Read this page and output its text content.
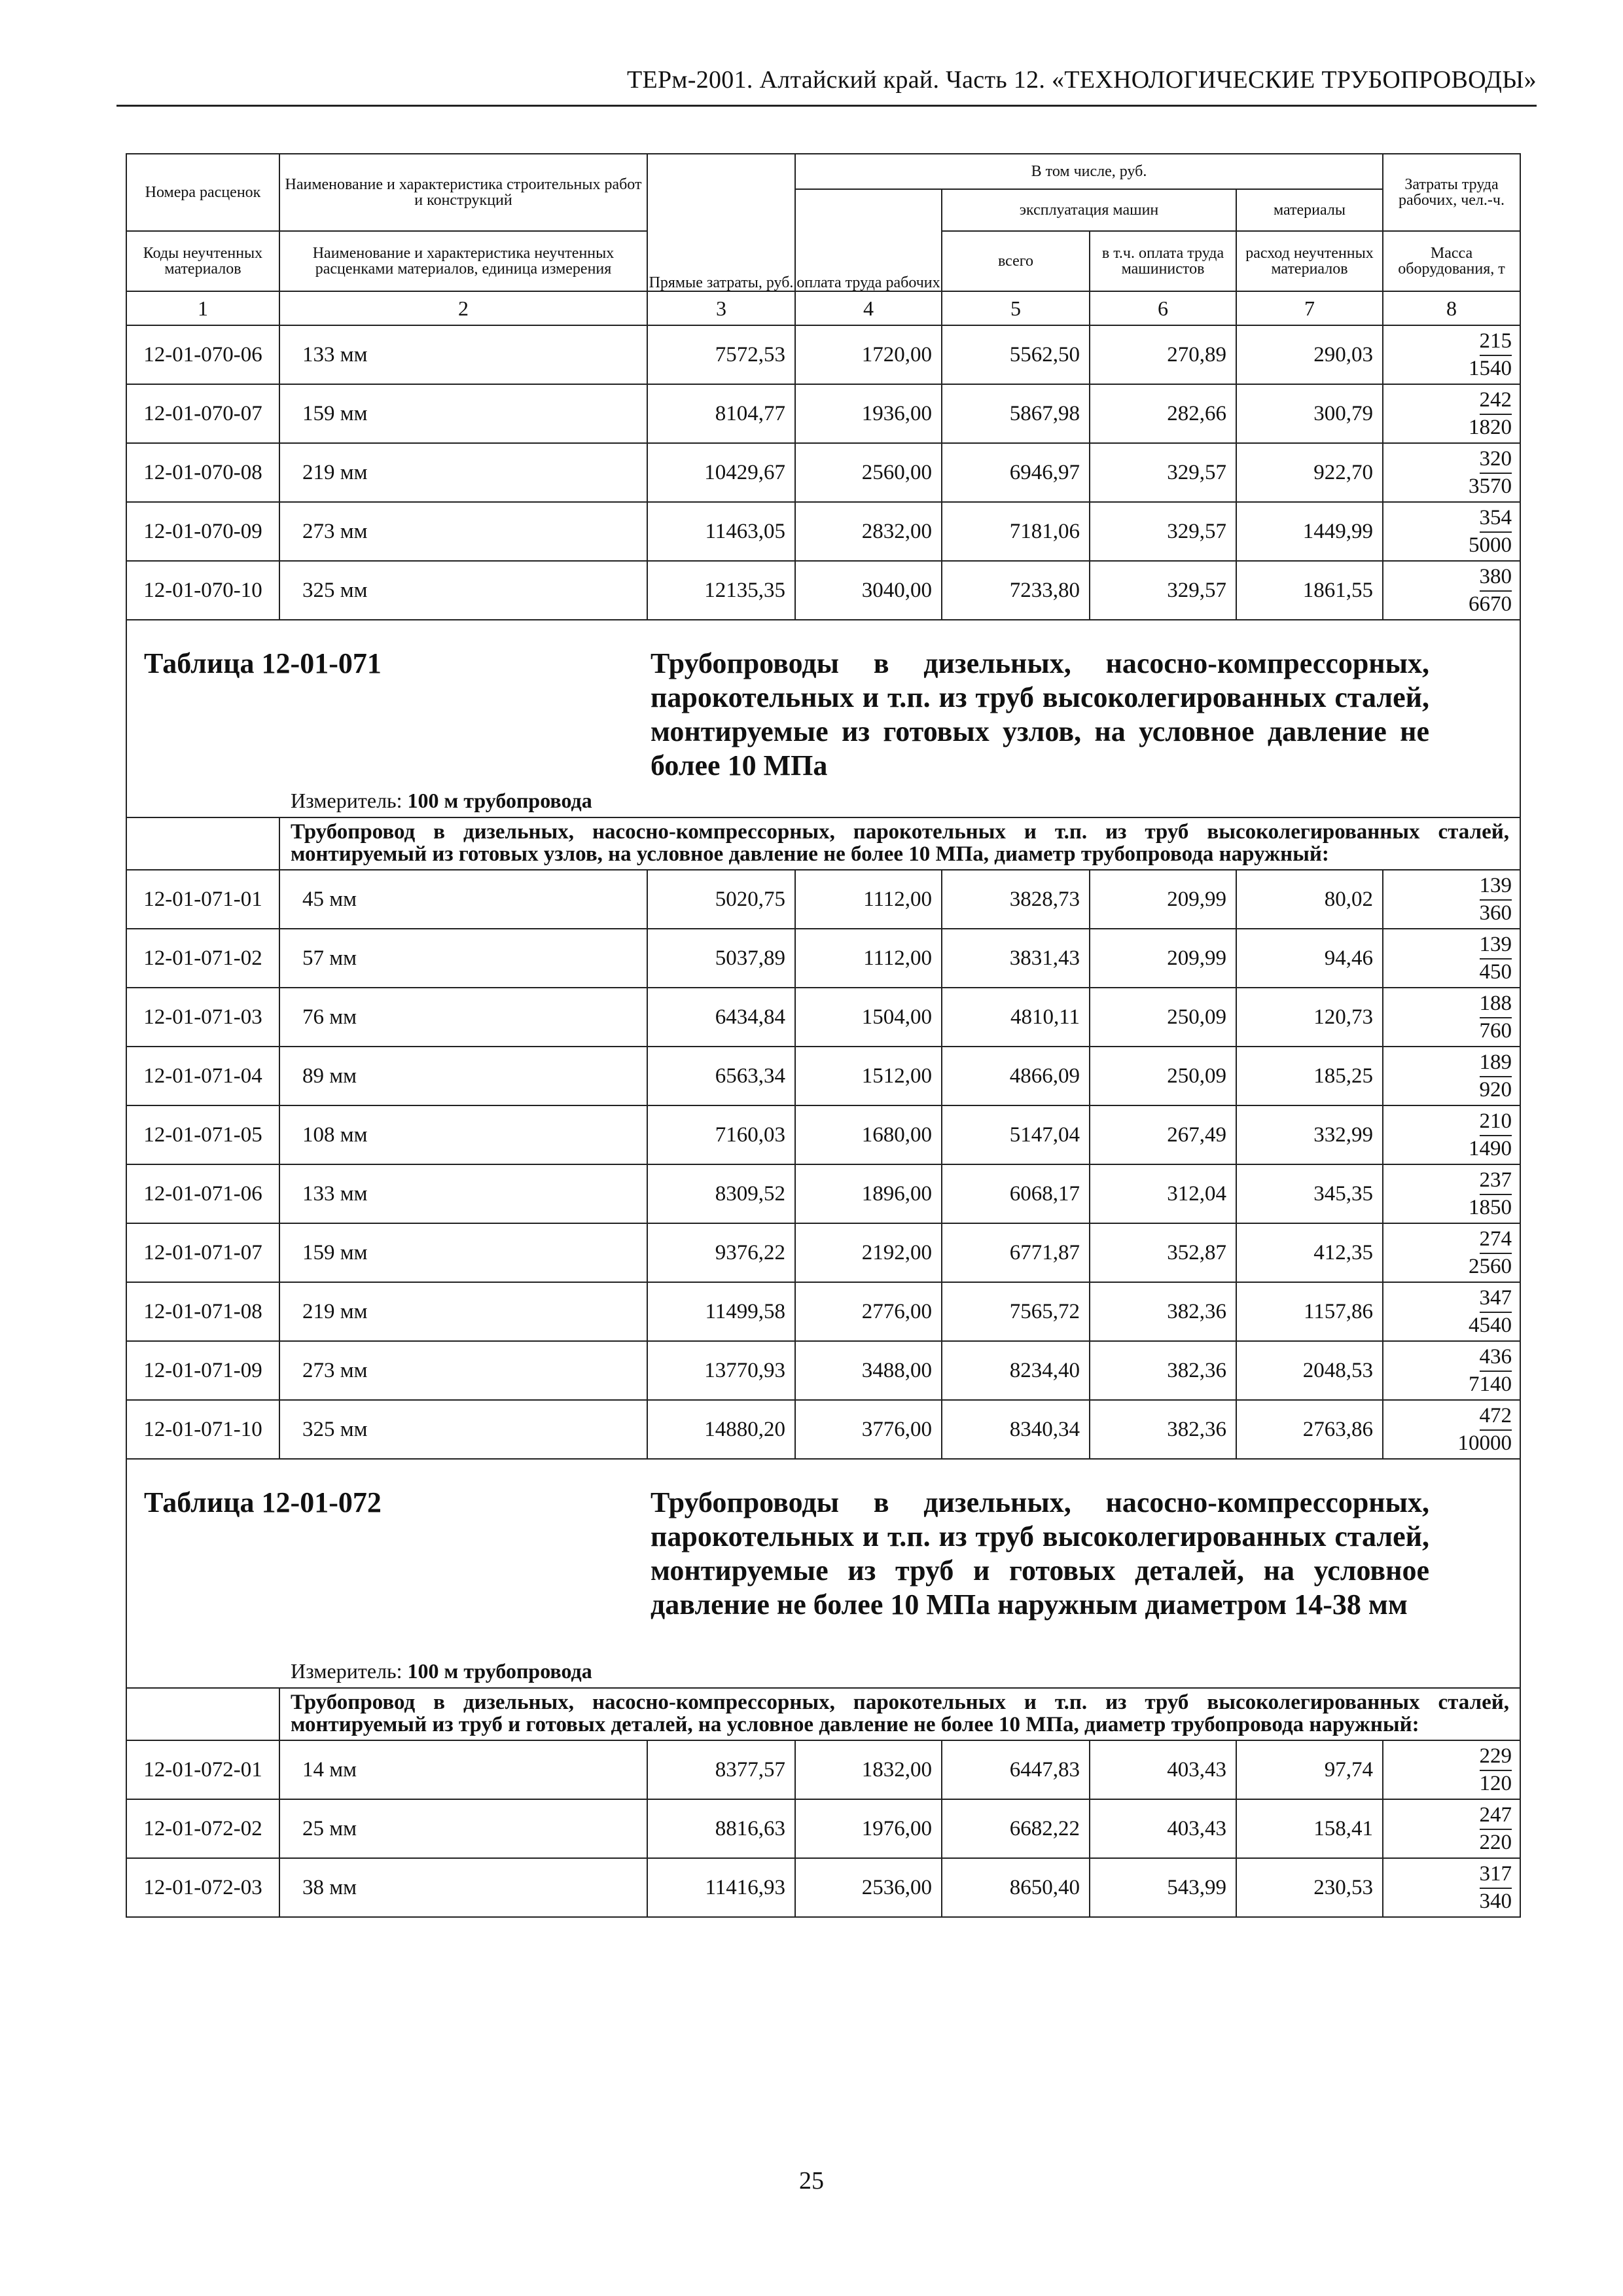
ТЕРм-2001. Алтайский край. Часть 12. «ТЕХНОЛОГИЧЕСКИЕ ТРУБОПРОВОДЫ»
Номера расценок	Наименование и характеристика строительных работ и конструкций	Прямые затраты, руб.	В том числе, руб.				Затраты труда рабочих, чел.-ч.
			оплата труда рабочих	эксплуатация машин		материалы	
Коды неучтенных материалов	Наименование и характеристика неучтенных расценками материалов, единица измерения			всего	в т.ч. оплата труда машинистов	расход неучтенных материалов	Масса оборудования, т
1	2	3	4	5	6	7	8
12-01-070-06	133 мм	7572,53	1720,00	5562,50	270,89	290,03	215
1540

12-01-070-07	159 мм	8104,77	1936,00	5867,98	282,66	300,79	242
1820

12-01-070-08	219 мм	10429,67	2560,00	6946,97	329,57	922,70	320
3570

12-01-070-09	273 мм	11463,05	2832,00	7181,06	329,57	1449,99	354
5000

12-01-070-10	325 мм	12135,35	3040,00	7233,80	329,57	1861,55	380
6670

Таблица 12-01-071 Трубопроводы в дизельных, насосно-компрессорных, парокотельных и т.п. из труб высоколегированных сталей, монтируемые из готовых узлов, на условное давление не более 10 МПа
Измеритель: 100 м трубопровода							

	Трубопровод в дизельных, насосно-компрессорных, парокотельных и т.п. из труб высоколегированных сталей, монтируемый из готовых узлов, на условное давление не более 10 МПа, диаметр трубопровода наружный:						

12-01-071-01	45 мм	5020,75	1112,00	3828,73	209,99	80,02	139
360

12-01-071-02	57 мм	5037,89	1112,00	3831,43	209,99	94,46	139
450

12-01-071-03	76 мм	6434,84	1504,00	4810,11	250,09	120,73	188
760

12-01-071-04	89 мм	6563,34	1512,00	4866,09	250,09	185,25	189
920

12-01-071-05	108 мм	7160,03	1680,00	5147,04	267,49	332,99	210
1490

12-01-071-06	133 мм	8309,52	1896,00	6068,17	312,04	345,35	237
1850

12-01-071-07	159 мм	9376,22	2192,00	6771,87	352,87	412,35	274
2560

12-01-071-08	219 мм	11499,58	2776,00	7565,72	382,36	1157,86	347
4540

12-01-071-09	273 мм	13770,93	3488,00	8234,40	382,36	2048,53	436
7140

12-01-071-10	325 мм	14880,20	3776,00	8340,34	382,36	2763,86	472
10000

Таблица 12-01-072 Трубопроводы в дизельных, насосно-компрессорных, парокотельных и т.п. из труб высоколегированных сталей, монтируемые из труб и готовых деталей, на условное давление не более 10 МПа наружным диаметром 14-38 мм
Измеритель: 100 м трубопровода							

	Трубопровод в дизельных, насосно-компрессорных, парокотельных и т.п. из труб высоколегированных сталей, монтируемый из труб и готовых деталей, на условное давление не более 10 МПа, диаметр трубопровода наружный:						

12-01-072-01	14 мм	8377,57	1832,00	6447,83	403,43	97,74	229
120

12-01-072-02	25 мм	8816,63	1976,00	6682,22	403,43	158,41	247
220

12-01-072-03	38 мм	11416,93	2536,00	8650,40	543,99	230,53	317
340
25
